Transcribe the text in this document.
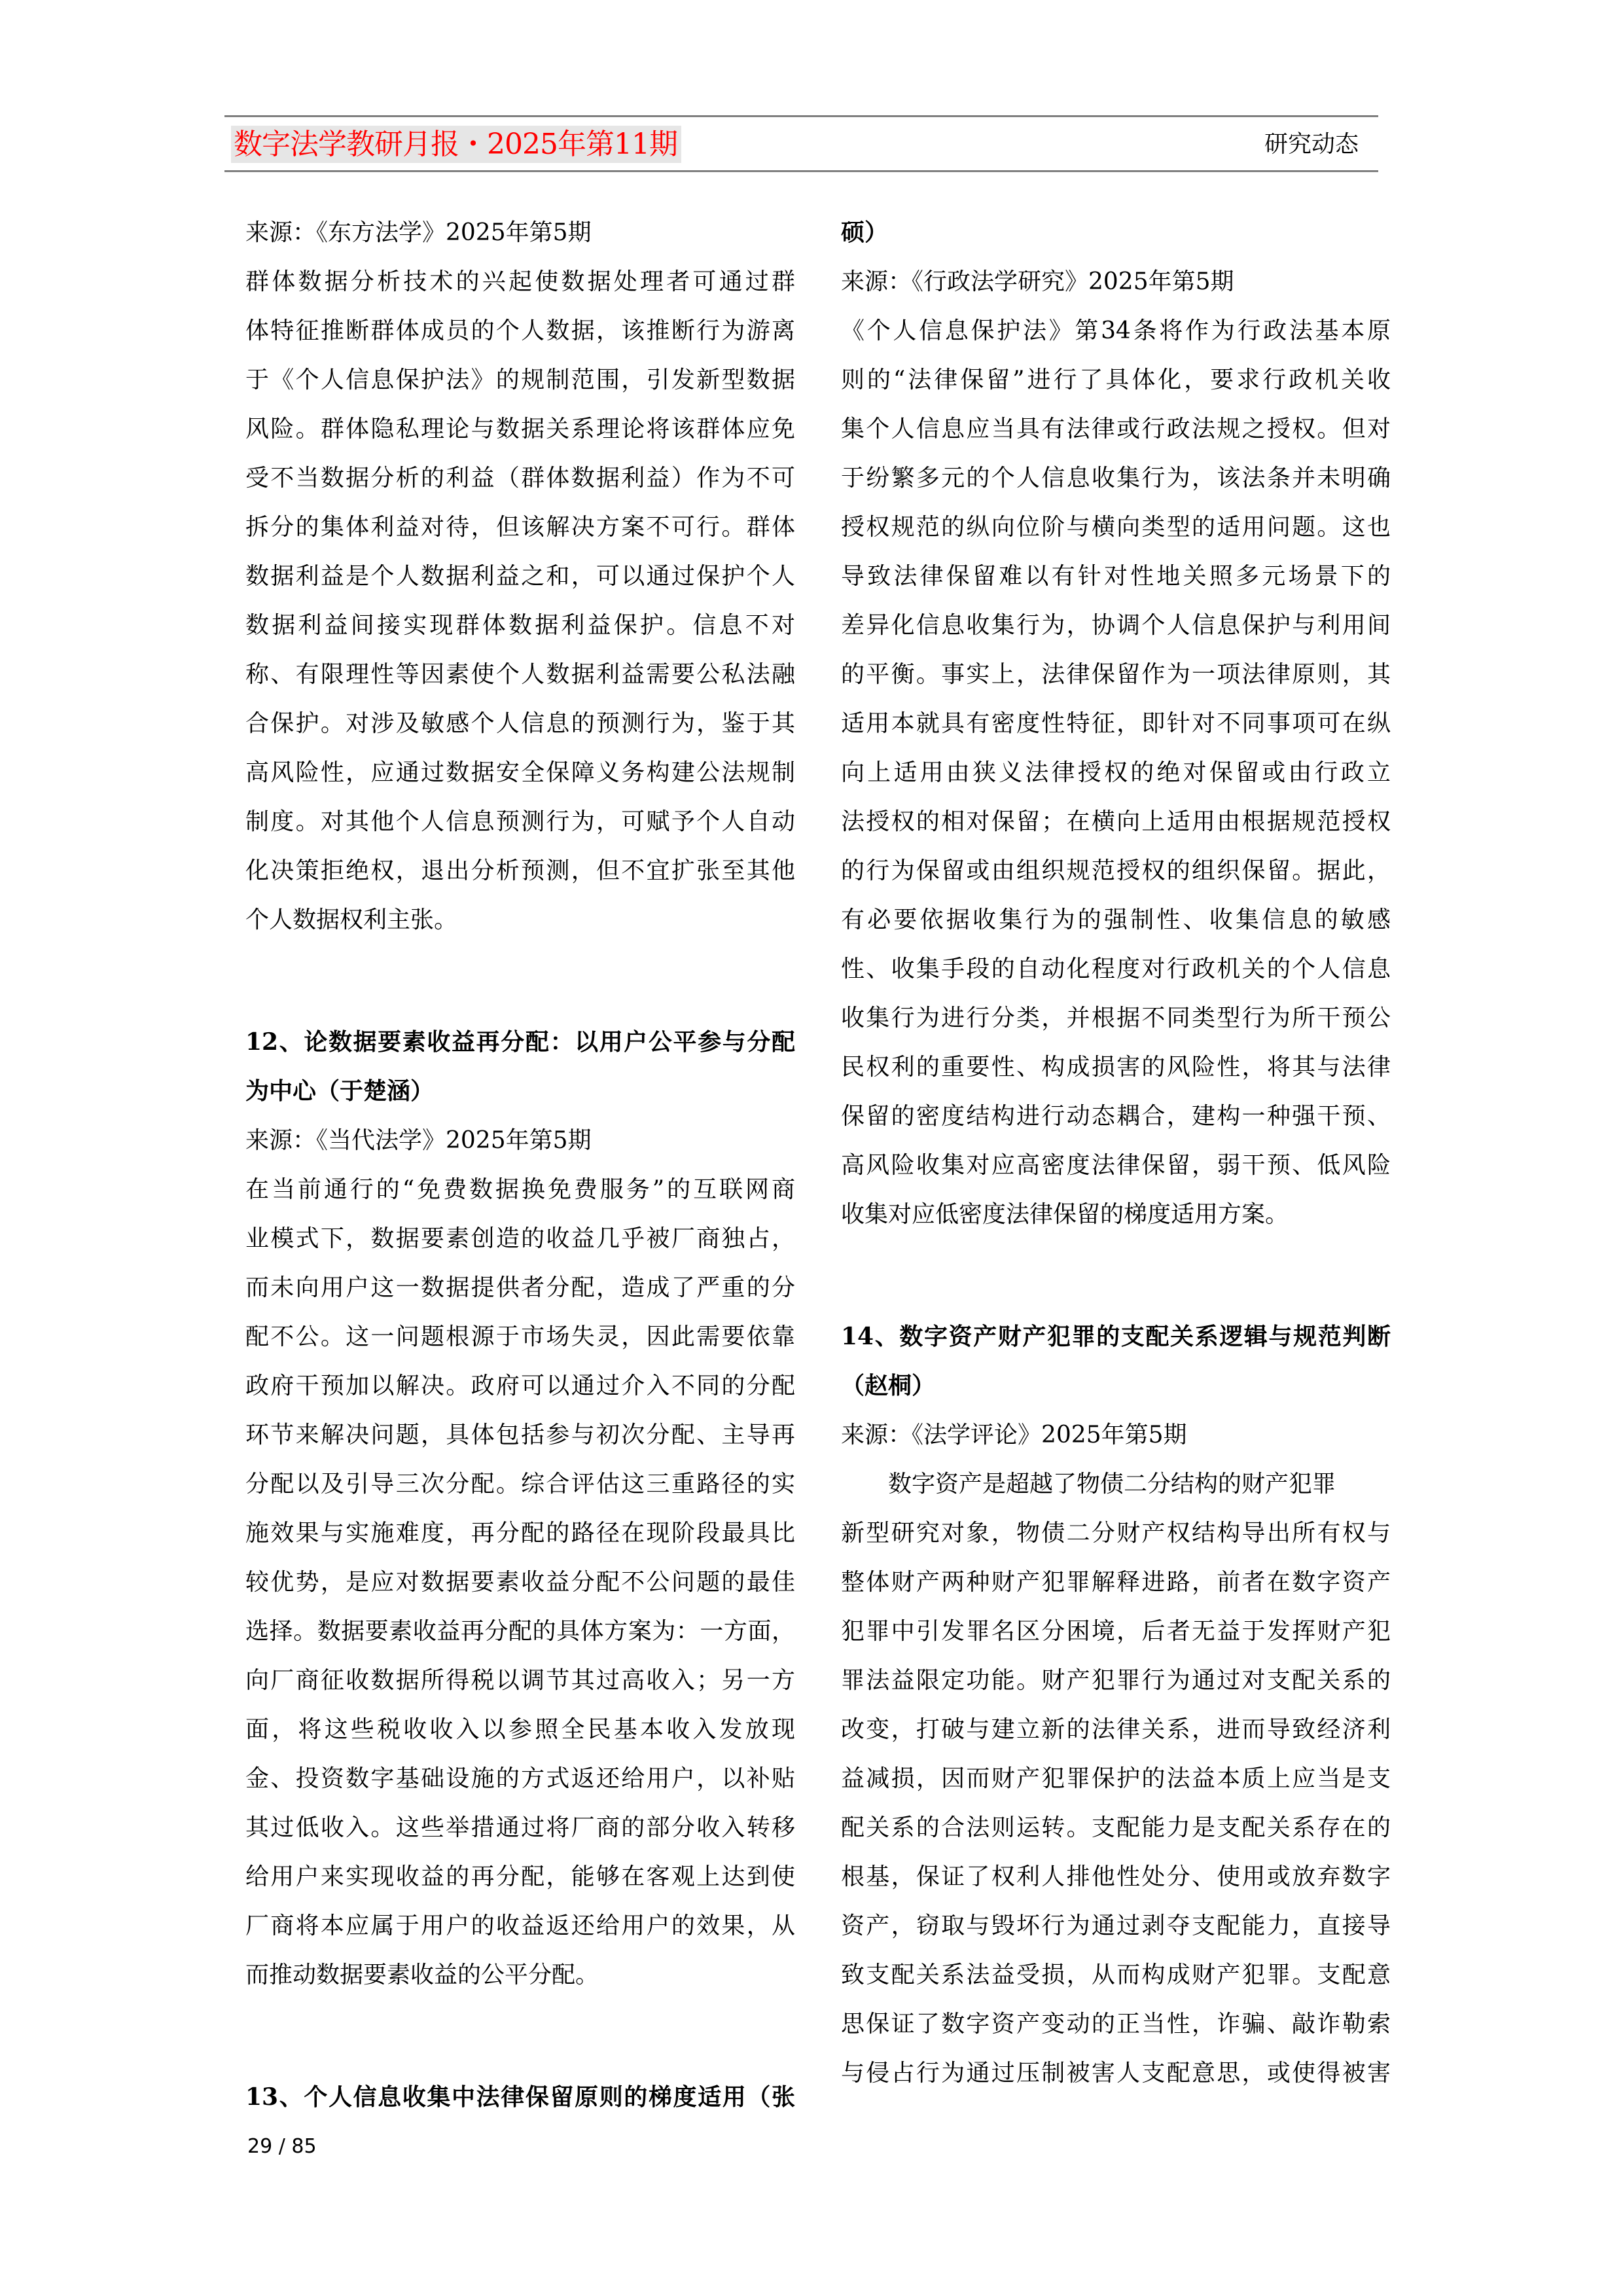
数字法学教研月报・2025年第11期	研究动态
来源：《东方法学》2025年第5期
群体数据分析技术的兴起使数据处理者可通过群
体特征推断群体成员的个人数据，该推断行为游离
于《个人信息保护法》的规制范围，引发新型数据
风险。群体隐私理论与数据关系理论将该群体应免
受不当数据分析的利益（群体数据利益）作为不可
拆分的集体利益对待，但该解决方案不可行。群体
数据利益是个人数据利益之和，可以通过保护个人
数据利益间接实现群体数据利益保护。信息不对
称、有限理性等因素使个人数据利益需要公私法融
合保护。对涉及敏感个人信息的预测行为，鉴于其
高风险性，应通过数据安全保障义务构建公法规制
制度。对其他个人信息预测行为，可赋予个人自动
化决策拒绝权，退出分析预测，但不宜扩张至其他
个人数据权利主张。
12、论数据要素收益再分配：以用户公平参与分配
为中心（于楚涵）
来源：《当代法学》2025年第5期
在当前通行的“免费数据换免费服务”的互联网商
业模式下，数据要素创造的收益几乎被厂商独占，
而未向用户这一数据提供者分配，造成了严重的分
配不公。这一问题根源于市场失灵，因此需要依靠
政府干预加以解决。政府可以通过介入不同的分配
环节来解决问题，具体包括参与初次分配、主导再
分配以及引导三次分配。综合评估这三重路径的实
施效果与实施难度，再分配的路径在现阶段最具比
较优势，是应对数据要素收益分配不公问题的最佳
选择。数据要素收益再分配的具体方案为：一方面，
向厂商征收数据所得税以调节其过高收入；另一方
面，将这些税收收入以参照全民基本收入发放现
金、投资数字基础设施的方式返还给用户，以补贴
其过低收入。这些举措通过将厂商的部分收入转移
给用户来实现收益的再分配，能够在客观上达到使
厂商将本应属于用户的收益返还给用户的效果，从
而推动数据要素收益的公平分配。
13、个人信息收集中法律保留原则的梯度适用（张
硕）
来源：《行政法学研究》2025年第5期
《个人信息保护法》第34条将作为行政法基本原
则的“法律保留”进行了具体化，要求行政机关收
集个人信息应当具有法律或行政法规之授权。但对
于纷繁多元的个人信息收集行为，该法条并未明确
授权规范的纵向位阶与横向类型的适用问题。这也
导致法律保留难以有针对性地关照多元场景下的
差异化信息收集行为，协调个人信息保护与利用间
的平衡。事实上，法律保留作为一项法律原则，其
适用本就具有密度性特征，即针对不同事项可在纵
向上适用由狭义法律授权的绝对保留或由行政立
法授权的相对保留；在横向上适用由根据规范授权
的行为保留或由组织规范授权的组织保留。据此，
有必要依据收集行为的强制性、收集信息的敏感
性、收集手段的自动化程度对行政机关的个人信息
收集行为进行分类，并根据不同类型行为所干预公
民权利的重要性、构成损害的风险性，将其与法律
保留的密度结构进行动态耦合，建构一种强干预、
高风险收集对应高密度法律保留，弱干预、低风险
收集对应低密度法律保留的梯度适用方案。
14、数字资产财产犯罪的支配关系逻辑与规范判断
（赵桐）
来源：《法学评论》2025年第5期
数字资产是超越了物债二分结构的财产犯罪
新型研究对象，物债二分财产权结构导出所有权与
整体财产两种财产犯罪解释进路，前者在数字资产
犯罪中引发罪名区分困境，后者无益于发挥财产犯
罪法益限定功能。财产犯罪行为通过对支配关系的
改变，打破与建立新的法律关系，进而导致经济利
益减损，因而财产犯罪保护的法益本质上应当是支
配关系的合法则运转。支配能力是支配关系存在的
根基，保证了权利人排他性处分、使用或放弃数字
资产，窃取与毁坏行为通过剥夺支配能力，直接导
致支配关系法益受损，从而构成财产犯罪。支配意
思保证了数字资产变动的正当性，诈骗、敲诈勒索
与侵占行为通过压制被害人支配意思，或使得被害
29 / 85
